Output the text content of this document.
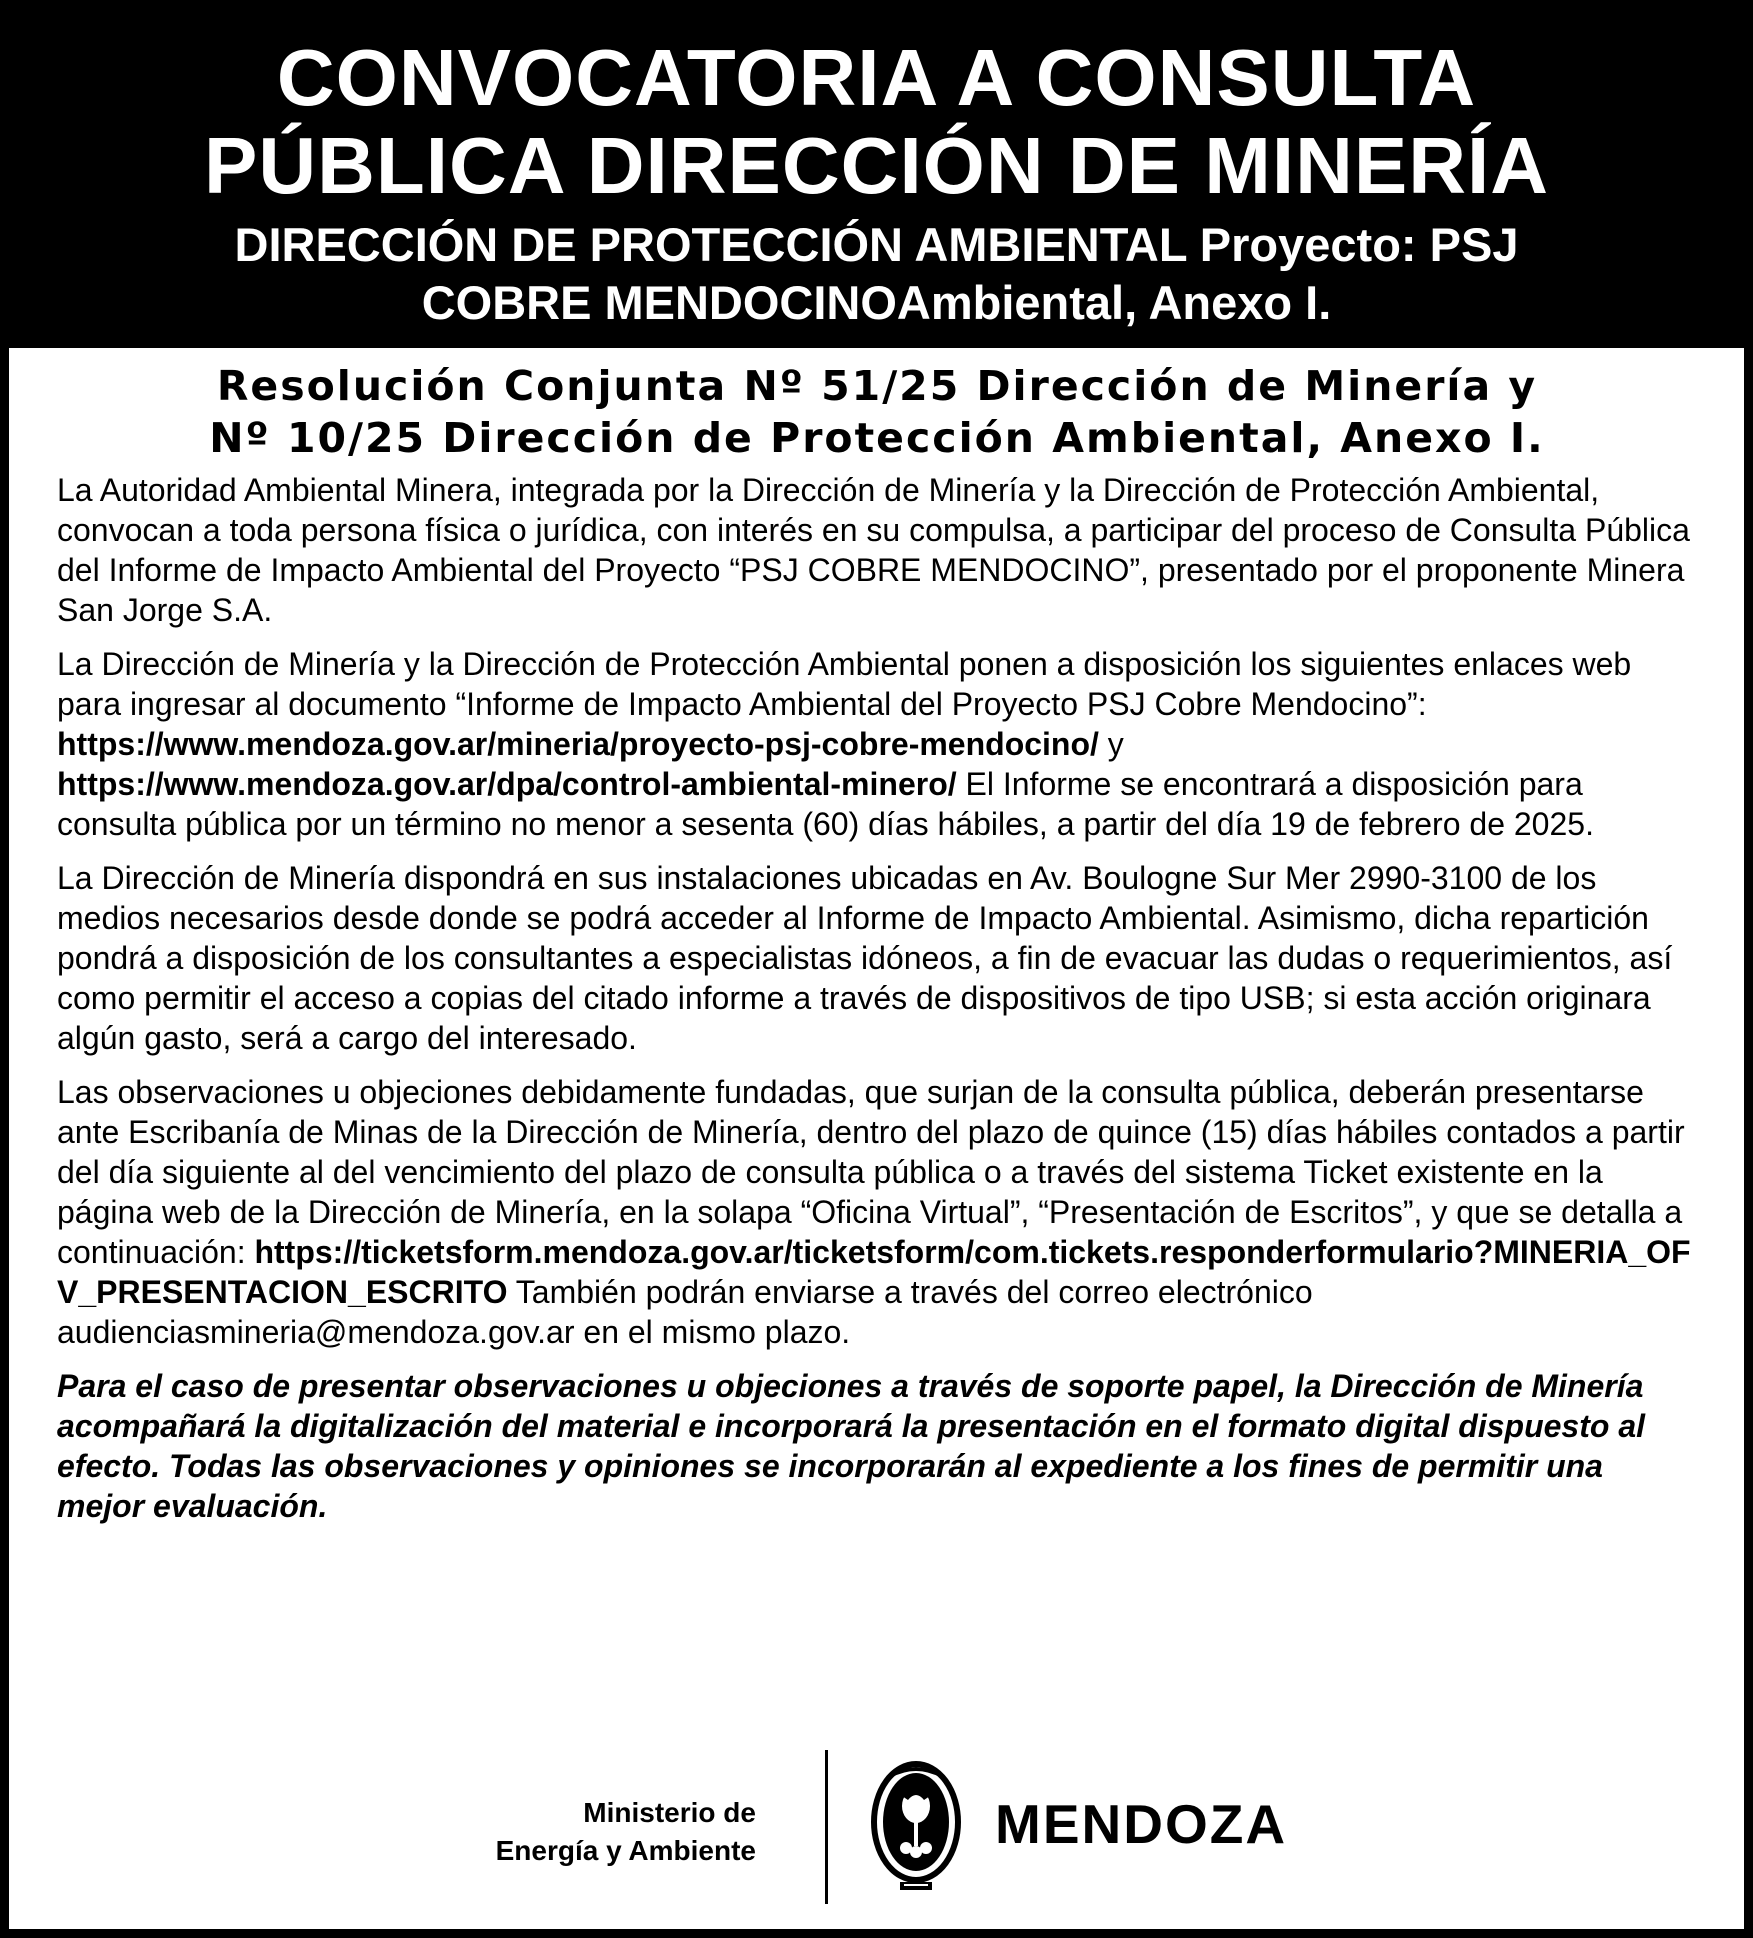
CONVOCATORIA A CONSULTA
PÚBLICA DIRECCIÓN DE MINERÍA
DIRECCIÓN DE PROTECCIÓN AMBIENTAL Proyecto: PSJ
COBRE MENDOCINOAmbiental, Anexo I.
Resolución Conjunta Nº 51/25 Dirección de Minería y
Nº 10/25 Dirección de Protección Ambiental, Anexo I.

La Autoridad Ambiental Minera, integrada por la Dirección de Minería y la Dirección de Protección Ambiental, convocan a toda persona física o jurídica, con interés en su compulsa, a participar del proceso de Consulta Pública del Informe de Impacto Ambiental del Proyecto “PSJ COBRE MENDOCINO”, presentado por el proponente Minera San Jorge S.A.

La Dirección de Minería y la Dirección de Protección Ambiental ponen a disposición los siguientes enlaces web para ingresar al documento “Informe de Impacto Ambiental del Proyecto PSJ Cobre Mendocino”: https://www.mendoza.gov.ar/mineria/proyecto-psj-cobre-mendocino/ y https://www.mendoza.gov.ar/dpa/control-ambiental-minero/ El Informe se encontrará a disposición para consulta pública por un término no menor a sesenta (60) días hábiles, a partir del día 19 de febrero de 2025.

La Dirección de Minería dispondrá en sus instalaciones ubicadas en Av. Boulogne Sur Mer 2990-3100 de los medios necesarios desde donde se podrá acceder al Informe de Impacto Ambiental. Asimismo, dicha repartición pondrá a disposición de los consultantes a especialistas idóneos, a fin de evacuar las dudas o requerimientos, así como permitir el acceso a copias del citado informe a través de dispositivos de tipo USB; si esta acción originara algún gasto, será a cargo del interesado.

Las observaciones u objeciones debidamente fundadas, que surjan de la consulta pública, deberán presentarse ante Escribanía de Minas de la Dirección de Minería, dentro del plazo de quince (15) días hábiles contados a partir del día siguiente al del vencimiento del plazo de consulta pública o a través del sistema Ticket existente en la página web de la Dirección de Minería, en la solapa “Oficina Virtual”, “Presentación de Escritos”, y que se detalla a continuación: https://ticketsform.mendoza.gov.ar/ticketsform/com.tickets.responderformulario?MINERIA_OFV_PRESENTACION_ESCRITO También podrán enviarse a través del correo electrónico audienciasmineria@mendoza.gov.ar en el mismo plazo.

Para el caso de presentar observaciones u objeciones a través de soporte papel, la Dirección de Minería acompañará la digitalización del material e incorporará la presentación en el formato digital dispuesto al efecto. Todas las observaciones y opiniones se incorporarán al expediente a los fines de permitir una mejor evaluación.

Ministerio de
Energía y Ambiente	MENDOZA
